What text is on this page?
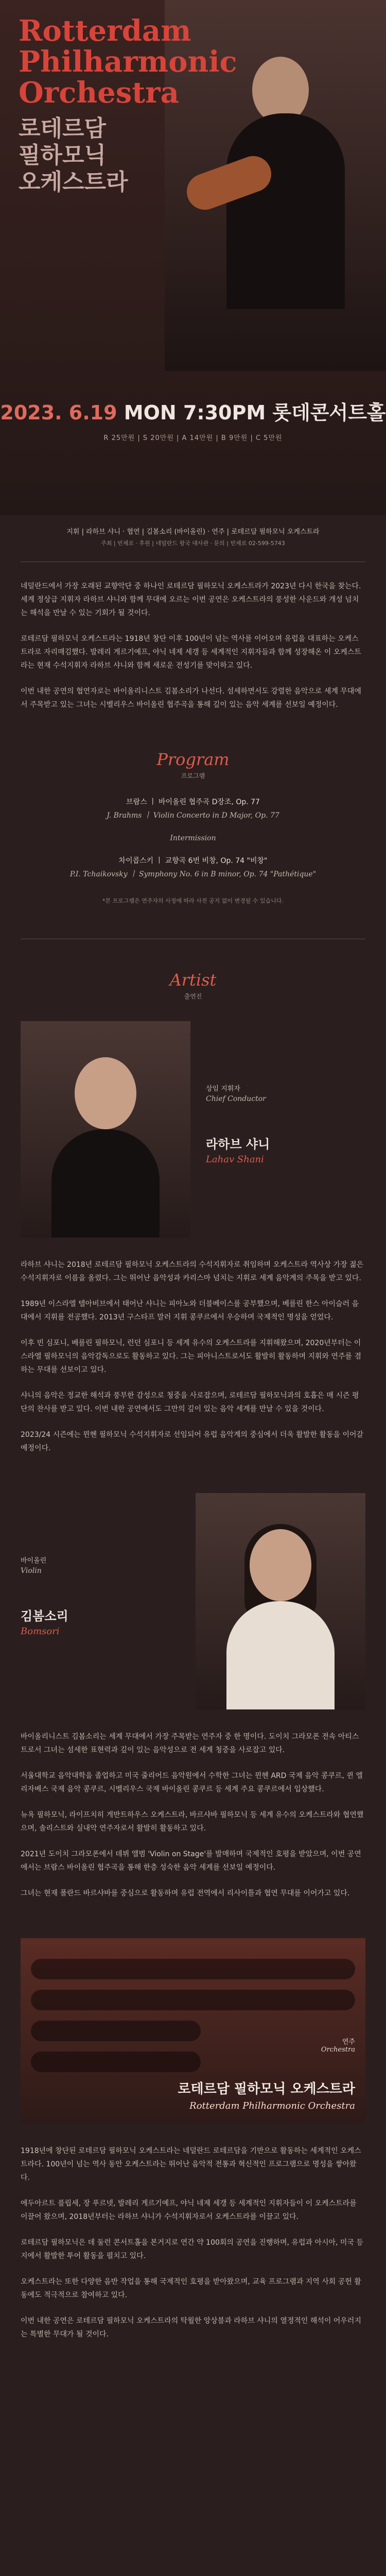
Rotterdam
Philharmonic
Orchestra
로테르담
필하모닉
오케스트라
2023. 6.19 MON 7:30PM 롯데콘서트홀
R 25만원 | S 20만원 | A 14만원 | B 9만원 | C 5만원
지휘 | 라하브 샤니 · 협연 | 김봄소리 (바이올린) · 연주 | 로테르담 필하모닉 오케스트라
주최 | 빈체로 · 후원 | 네덜란드 왕국 대사관 · 문의 | 빈체로 02-599-5743

네덜란드에서 가장 오래된 교향악단 중 하나인 로테르담 필하모닉 오케스트라가 2023년 다시 한국을 찾는다. 세계 정상급 지휘자 라하브 샤니와 함께 무대에 오르는 이번 공연은 오케스트라의 풍성한 사운드와 개성 넘치는 해석을 만날 수 있는 기회가 될 것이다.

로테르담 필하모닉 오케스트라는 1918년 창단 이후 100년이 넘는 역사를 이어오며 유럽을 대표하는 오케스트라로 자리매김했다. 발레리 게르기예프, 야닉 네제 세갱 등 세계적인 지휘자들과 함께 성장해온 이 오케스트라는 현재 수석지휘자 라하브 샤니와 함께 새로운 전성기를 맞이하고 있다.

이번 내한 공연의 협연자로는 바이올리니스트 김봄소리가 나선다. 섬세하면서도 강렬한 음악으로 세계 무대에서 주목받고 있는 그녀는 시벨리우스 바이올린 협주곡을 통해 깊이 있는 음악 세계를 선보일 예정이다.

Program
프로그램
브람스 ㅣ 바이올린 협주곡 D장조, Op. 77
J. Brahms ㅣ Violin Concerto in D Major, Op. 77
Intermission
차이콥스키 ㅣ 교향곡 6번 비창, Op. 74 "비창"
P.I. Tchaikovsky ㅣ Symphony No. 6 in B minor, Op. 74 "Pathétique"
*본 프로그램은 연주자의 사정에 따라 사전 공지 없이 변경될 수 있습니다.
Artist
출연진
상임 지휘자
Chief Conductor
라하브 샤니
Lahav Shani

라하브 샤니는 2018년 로테르담 필하모닉 오케스트라의 수석지휘자로 취임하며 오케스트라 역사상 가장 젊은 수석지휘자로 이름을 올렸다. 그는 뛰어난 음악성과 카리스마 넘치는 지휘로 세계 음악계의 주목을 받고 있다.

1989년 이스라엘 텔아비브에서 태어난 샤니는 피아노와 더블베이스를 공부했으며, 베를린 한스 아이슬러 음대에서 지휘를 전공했다. 2013년 구스타프 말러 지휘 콩쿠르에서 우승하며 국제적인 명성을 얻었다.

이후 빈 심포니, 베를린 필하모닉, 런던 심포니 등 세계 유수의 오케스트라를 지휘해왔으며, 2020년부터는 이스라엘 필하모닉의 음악감독으로도 활동하고 있다. 그는 피아니스트로서도 활발히 활동하며 지휘와 연주를 겸하는 무대를 선보이고 있다.

샤니의 음악은 정교한 해석과 풍부한 감성으로 청중을 사로잡으며, 로테르담 필하모닉과의 호흡은 매 시즌 평단의 찬사를 받고 있다. 이번 내한 공연에서도 그만의 깊이 있는 음악 세계를 만날 수 있을 것이다.

2023/24 시즌에는 뮌헨 필하모닉 수석지휘자로 선임되어 유럽 음악계의 중심에서 더욱 활발한 활동을 이어갈 예정이다.

바이올린
Violin
김봄소리
Bomsori

바이올리니스트 김봄소리는 세계 무대에서 가장 주목받는 연주자 중 한 명이다. 도이치 그라모폰 전속 아티스트로서 그녀는 섬세한 표현력과 깊이 있는 음악성으로 전 세계 청중을 사로잡고 있다.

서울대학교 음악대학을 졸업하고 미국 줄리어드 음악원에서 수학한 그녀는 뮌헨 ARD 국제 음악 콩쿠르, 퀸 엘리자베스 국제 음악 콩쿠르, 시벨리우스 국제 바이올린 콩쿠르 등 세계 주요 콩쿠르에서 입상했다.

뉴욕 필하모닉, 라이프치히 게반트하우스 오케스트라, 바르샤바 필하모닉 등 세계 유수의 오케스트라와 협연했으며, 솔리스트와 실내악 연주자로서 활발히 활동하고 있다.

2021년 도이치 그라모폰에서 데뷔 앨범 'Violin on Stage'를 발매하며 국제적인 호평을 받았으며, 이번 공연에서는 브람스 바이올린 협주곡을 통해 한층 성숙한 음악 세계를 선보일 예정이다.

그녀는 현재 폴란드 바르샤바를 중심으로 활동하며 유럽 전역에서 리사이틀과 협연 무대를 이어가고 있다.

연주
Orchestra
로테르담 필하모닉 오케스트라
Rotterdam Philharmonic Orchestra

1918년에 창단된 로테르담 필하모닉 오케스트라는 네덜란드 로테르담을 기반으로 활동하는 세계적인 오케스트라다. 100년이 넘는 역사 동안 오케스트라는 뛰어난 음악적 전통과 혁신적인 프로그램으로 명성을 쌓아왔다.

에두아르트 플립세, 장 푸르넷, 발레리 게르기예프, 야닉 네제 세갱 등 세계적인 지휘자들이 이 오케스트라를 이끌어 왔으며, 2018년부터는 라하브 샤니가 수석지휘자로서 오케스트라를 이끌고 있다.

로테르담 필하모닉은 데 둘런 콘서트홀을 본거지로 연간 약 100회의 공연을 진행하며, 유럽과 아시아, 미국 등지에서 활발한 투어 활동을 펼치고 있다.

오케스트라는 또한 다양한 음반 작업을 통해 국제적인 호평을 받아왔으며, 교육 프로그램과 지역 사회 공헌 활동에도 적극적으로 참여하고 있다.

이번 내한 공연은 로테르담 필하모닉 오케스트라의 탁월한 앙상블과 라하브 샤니의 열정적인 해석이 어우러지는 특별한 무대가 될 것이다.
